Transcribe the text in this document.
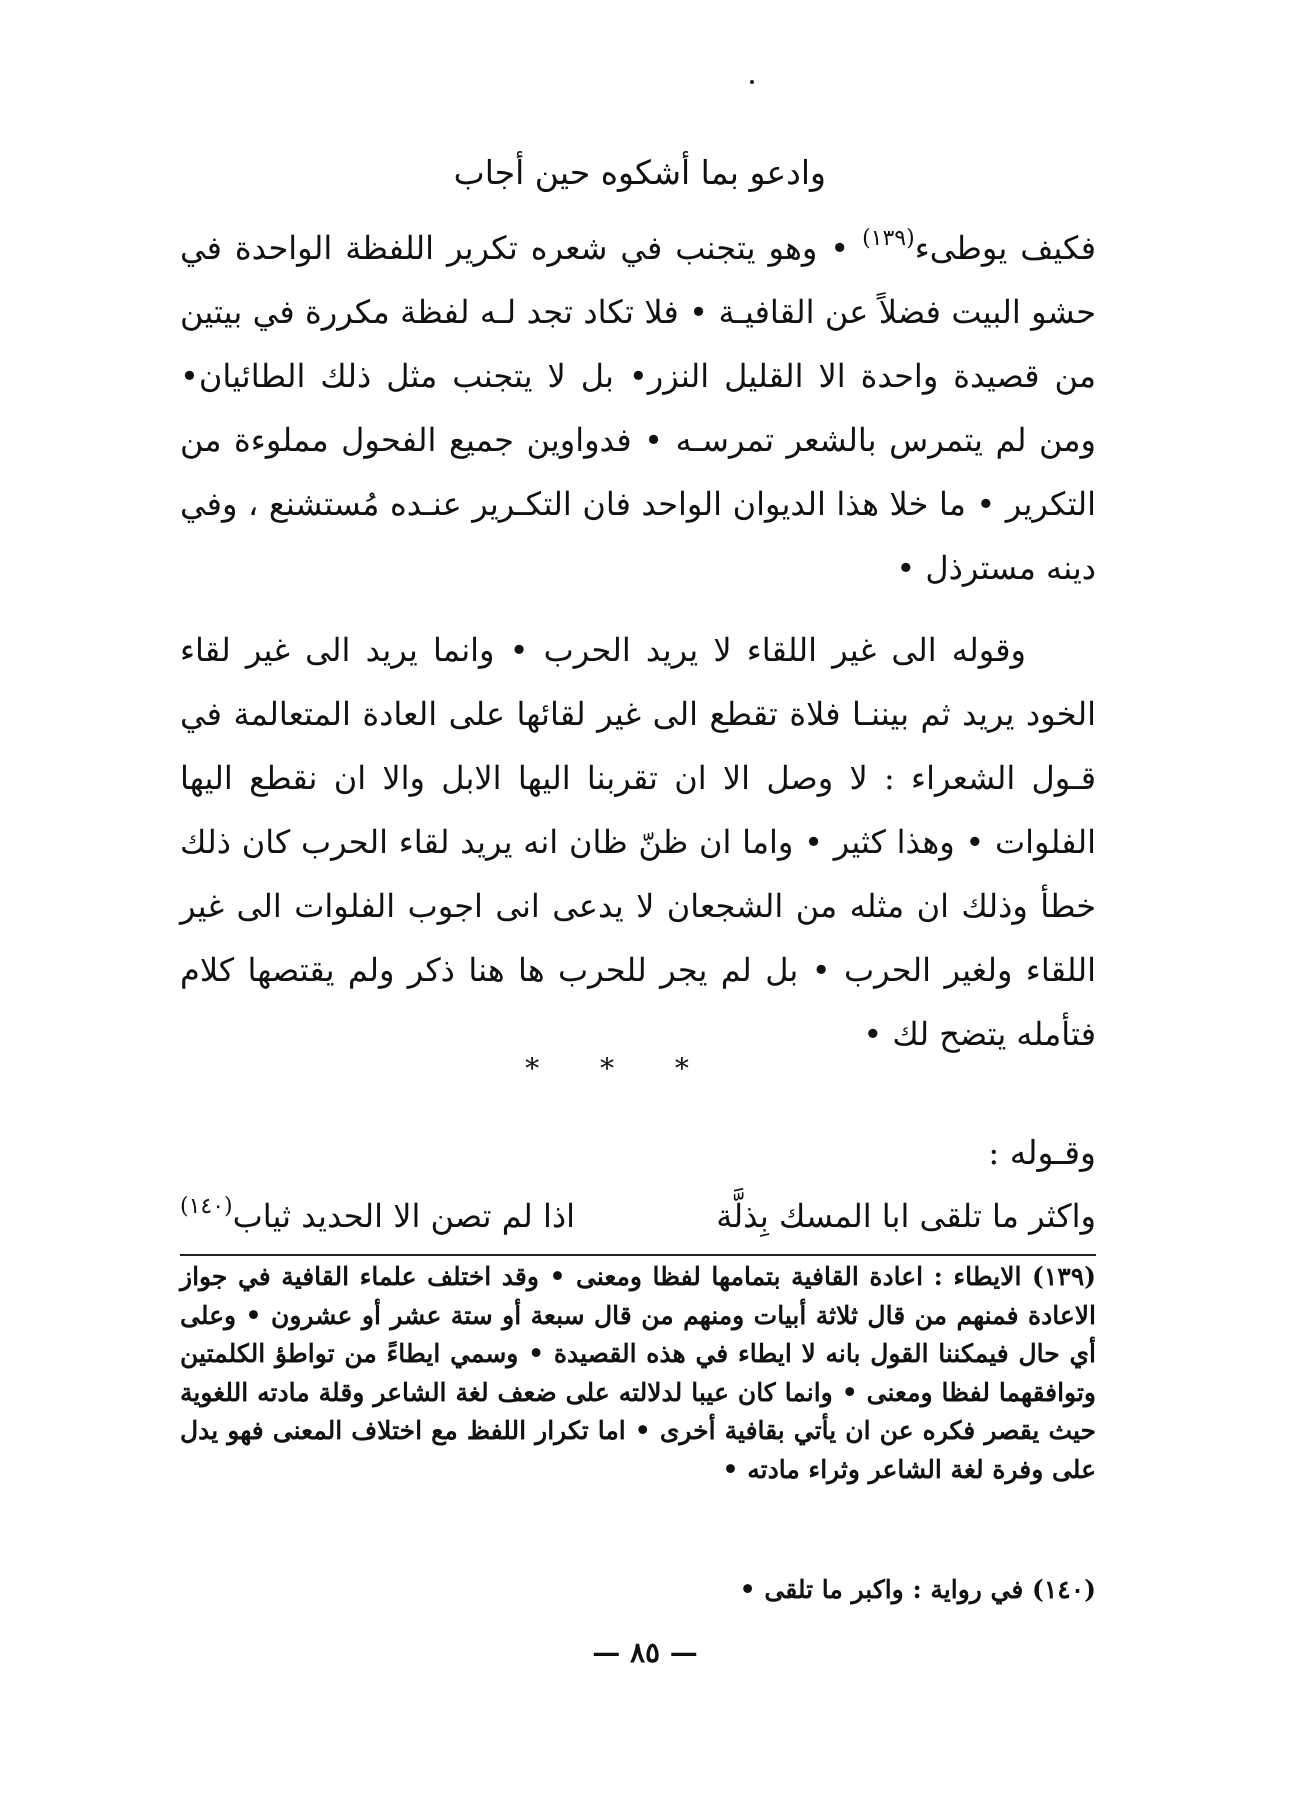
وادعو بما أشكوه حين أجاب
فكيف يوطىء$^{(١٣٩)}$ • وهو يتجنب في شعره تكرير اللفظة الواحدة في حشو البيت فضلاً عن القافيـة • فلا تكاد تجد لـه لفظة مكررة في بيتين من قصيدة واحدة الا القليل النزر• بل لا يتجنب مثل ذلك الطائيان• ومن لم يتمرس بالشعر تمرسـه • فدواوين جميع الفحول مملوءة من التكرير • ما خلا هذا الديوان الواحد فان التكـرير عنـده مُستشنع ، وفي دينه مسترذل •
وقوله الى غير اللقاء لا يريد الحرب • وانما يريد الى غير لقاء الخود يريد ثم بيننـا فلاة تقطع الى غير لقائها على العادة المتعالمة في قـول الشعراء : لا وصل الا ان تقربنا اليها الابل والا ان نقطع اليها الفلوات • وهذا كثير • واما ان ظنّ ظان انه يريد لقاء الحرب كان ذلك خطأ وذلك ان مثله من الشجعان لا يدعى انى اجوب الفلوات الى غير اللقاء ولغير الحرب • بل لم يجر للحرب ها هنا ذكر ولم يقتصها كلام فتأمله يتضح لك •
* * *
وقـوله :
واكثر ما تلقى ابا المسك بِذلَّة
اذا لم تصن الا الحديد ثياب$^{(١٤٠)}$
(١٣٩) الايطاء : اعادة القافية بتمامها لفظا ومعنى • وقد اختلف علماء القافية في جواز الاعادة فمنهم من قال ثلاثة أبيات ومنهم من قال سبعة أو ستة عشر أو عشرون • وعلى أي حال فيمكننا القول بانه لا ايطاء في هذه القصيدة • وسمي ايطاءً من تواطؤ الكلمتين وتوافقهما لفظا ومعنى • وانما كان عيبا لدلالته على ضعف لغة الشاعر وقلة مادته اللغوية حيث يقصر فكره عن ان يأتي بقافية أخرى • اما تكرار اللفظ مع اختلاف المعنى فهو يدل على وفرة لغة الشاعر وثراء مادته •
(١٤٠) في رواية : واكبر ما تلقى •
— ٨٥ —
